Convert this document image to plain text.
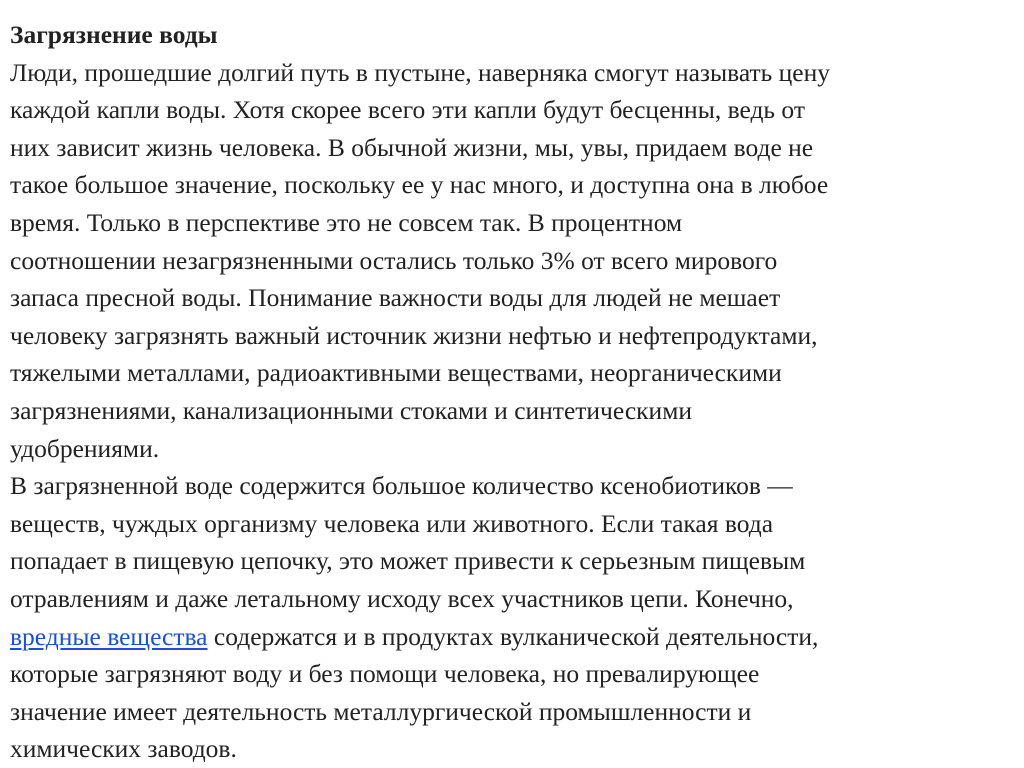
Загрязнение воды

Люди, прошедшие долгий путь в пустыне, наверняка смогут называть цену
каждой капли воды. Хотя скорее всего эти капли будут бесценны, ведь от
них зависит жизнь человека. В обычной жизни, мы, увы, придаем воде не
такое большое значение, поскольку ее у нас много, и доступна она в любое
время. Только в перспективе это не совсем так. В процентном
соотношении незагрязненными остались только 3% от всего мирового
запаса пресной воды. Понимание важности воды для людей не мешает
человеку загрязнять важный источник жизни нефтью и нефтепродуктами,
тяжелыми металлами, радиоактивными веществами, неорганическими
загрязнениями, канализационными стоками и синтетическими
удобрениями.

В загрязненной воде содержится большое количество ксенобиотиков —
веществ, чуждых организму человека или животного. Если такая вода
попадает в пищевую цепочку, это может привести к серьезным пищевым
отравлениям и даже летальному исходу всех участников цепи. Конечно,
вредные вещества содержатся и в продуктах вулканической деятельности,
которые загрязняют воду и без помощи человека, но превалирующее
значение имеет деятельность металлургической промышленности и
химических заводов.
